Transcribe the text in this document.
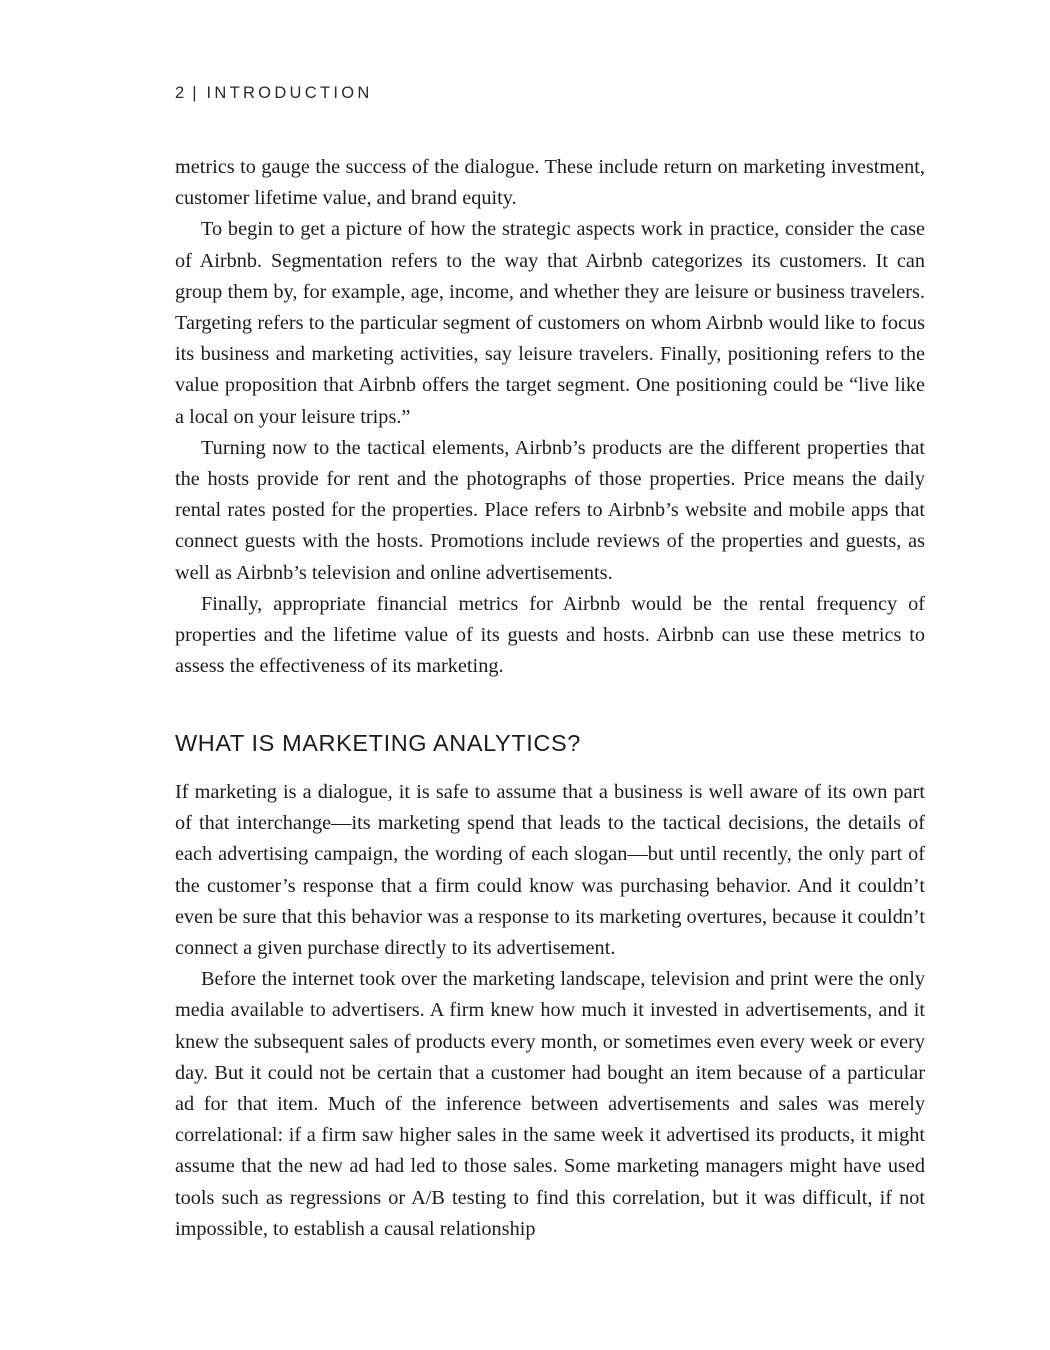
2 | INTRODUCTION

metrics to gauge the success of the dialogue. These include return on marketing investment, customer lifetime value, and brand equity.

To begin to get a picture of how the strategic aspects work in practice, consider the case of Airbnb. Segmentation refers to the way that Airbnb categorizes its customers. It can group them by, for example, age, income, and whether they are leisure or business travelers. Targeting refers to the particular segment of customers on whom Airbnb would like to focus its business and marketing activities, say leisure travelers. Finally, positioning refers to the value proposition that Airbnb offers the target segment. One positioning could be “live like a local on your leisure trips.”

Turning now to the tactical elements, Airbnb’s products are the different properties that the hosts provide for rent and the photographs of those properties. Price means the daily rental rates posted for the properties. Place refers to Airbnb’s website and mobile apps that connect guests with the hosts. Promotions include reviews of the properties and guests, as well as Airbnb’s television and online advertisements.

Finally, appropriate financial metrics for Airbnb would be the rental frequency of properties and the lifetime value of its guests and hosts. Airbnb can use these metrics to assess the effectiveness of its marketing.

WHAT IS MARKETING ANALYTICS?

If marketing is a dialogue, it is safe to assume that a business is well aware of its own part of that interchange—its marketing spend that leads to the tactical decisions, the details of each advertising campaign, the wording of each slogan—but until recently, the only part of the customer’s response that a firm could know was purchasing behavior. And it couldn’t even be sure that this behavior was a response to its marketing overtures, because it couldn’t connect a given purchase directly to its advertisement.

Before the internet took over the marketing landscape, television and print were the only media available to advertisers. A firm knew how much it invested in advertisements, and it knew the subsequent sales of products every month, or sometimes even every week or every day. But it could not be certain that a customer had bought an item because of a particular ad for that item. Much of the inference between advertisements and sales was merely correlational: if a firm saw higher sales in the same week it advertised its products, it might assume that the new ad had led to those sales. Some marketing managers might have used tools such as regressions or A/B testing to find this correlation, but it was difficult, if not impossible, to establish a causal relationship
